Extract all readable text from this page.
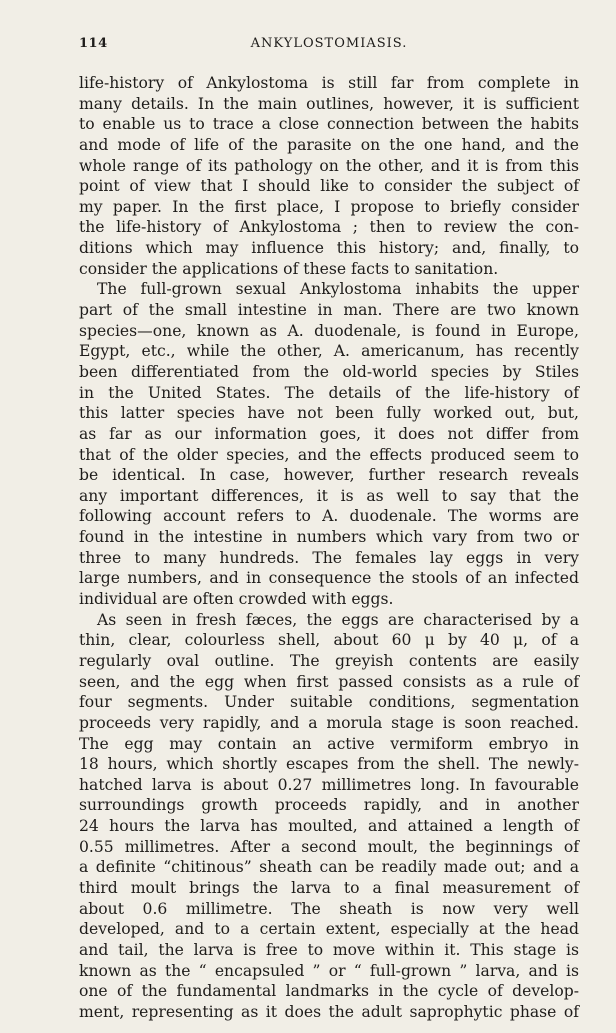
114	ANKYLOSTOMIASIS.
life-history of Ankylostoma is still far from complete in
many details. In the main outlines, however, it is sufficient
to enable us to trace a close connection between the habits
and mode of life of the parasite on the one hand, and the
whole range of its pathology on the other, and it is from this
point of view that I should like to consider the subject of
my paper. In the first place, I propose to briefly consider
the life-history of Ankylostoma ; then to review the con-
ditions which may influence this history; and, finally, to
consider the applications of these facts to sanitation.
The full-grown sexual Ankylostoma inhabits the upper
part of the small intestine in man. There are two known
species—one, known as A. duodenale, is found in Europe,
Egypt, etc., while the other, A. americanum, has recently
been differentiated from the old-world species by Stiles
in the United States. The details of the life-history of
this latter species have not been fully worked out, but,
as far as our information goes, it does not differ from
that of the older species, and the effects produced seem to
be identical. In case, however, further research reveals
any important differences, it is as well to say that the
following account refers to A. duodenale. The worms are
found in the intestine in numbers which vary from two or
three to many hundreds. The females lay eggs in very
large numbers, and in consequence the stools of an infected
individual are often crowded with eggs.
As seen in fresh fæces, the eggs are characterised by a
thin, clear, colourless shell, about 60 μ by 40 μ, of a
regularly oval outline. The greyish contents are easily
seen, and the egg when first passed consists as a rule of
four segments. Under suitable conditions, segmentation
proceeds very rapidly, and a morula stage is soon reached.
The egg may contain an active vermiform embryo in
18 hours, which shortly escapes from the shell. The newly-
hatched larva is about 0.27 millimetres long. In favourable
surroundings growth proceeds rapidly, and in another
24 hours the larva has moulted, and attained a length of
0.55 millimetres. After a second moult, the beginnings of
a definite “chitinous” sheath can be readily made out; and a
third moult brings the larva to a final measurement of
about 0.6 millimetre. The sheath is now very well
developed, and to a certain extent, especially at the head
and tail, the larva is free to move within it. This stage is
known as the “ encapsuled ” or “ full-grown ” larva, and is
one of the fundamental landmarks in the cycle of develop-
ment, representing as it does the adult saprophytic phase of
